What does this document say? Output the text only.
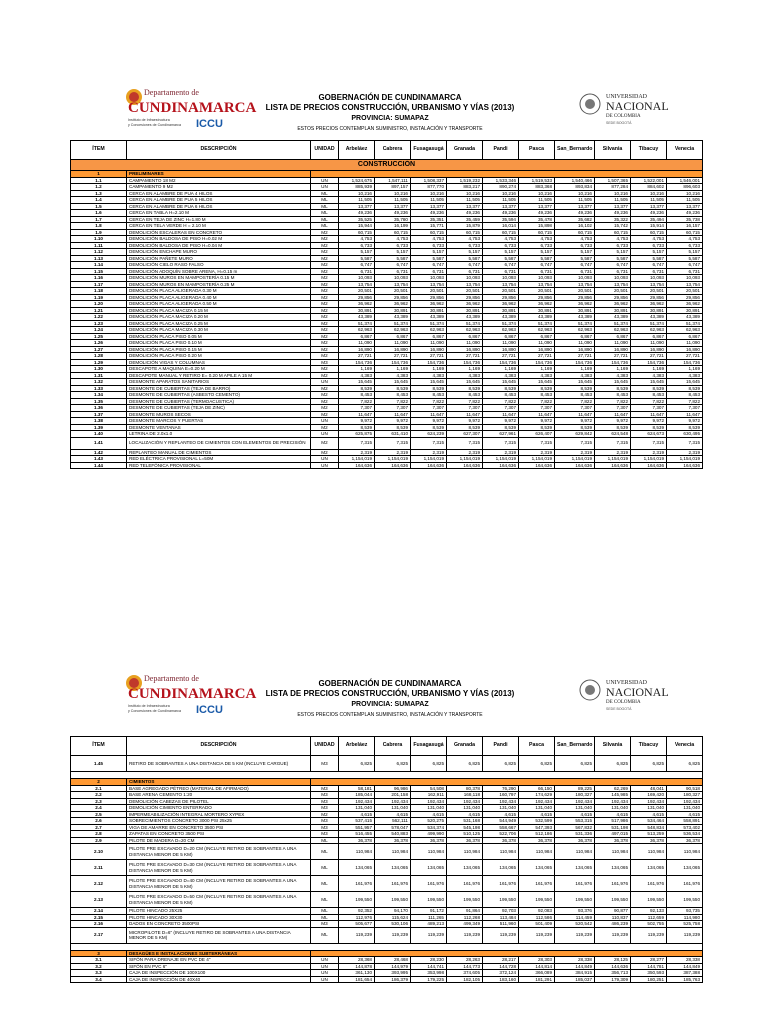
Departamento de
CUNDINAMARCA
Instituto de Infraestructura
y Concesiones de Cundinamarca ICCU
GOBERNACIÓN DE CUNDINAMARCA
LISTA DE PRECIOS CONSTRUCCIÓN, URBANISMO Y VÍAS (2013)
PROVINCIA: SUMAPAZ
ESTOS PRECIOS CONTEMPLAN SUMINISTRO, INSTALACIÓN Y TRANSPORTE
UNIVERSIDAD
NACIONAL
DE COLOMBIA
SEDE BOGOTÁ
ÍTEM	DESCRIPCIÓN	UNIDAD	Arbeláez	Cabrera	Fusagasugá	Granada	Pandi	Pasca	San_Bernardo	Silvania	Tibacuy	Venecia
CONSTRUCCIÓN												
1	PRELIMINARES											
1.1	CAMPAMENTO 18 M2	UN	1,524,675	1,547,111	1,508,337	1,519,232	1,533,346	1,519,533	1,540,466	1,507,365	1,522,001	1,546,001
1.2	CAMPAMENTO 9 M2	UN	885,939	897,157	877,770	883,217	890,274	883,368	893,834	877,284	884,602	896,603
1.3	CERCA EN ALAMBRE DE PUA 4 HILOS	ML	10,216	10,216	10,216	10,216	10,216	10,216	10,216	10,216	10,216	10,216
1.4	CERCA EN ALAMBRE DE PUA 5 HILOS	ML	11,505	11,505	11,505	11,505	11,505	11,505	11,505	11,505	11,505	11,505
1.5	CERCA EN ALAMBRE DE PUA 6 HILOS	ML	13,377	13,377	13,377	13,377	13,377	13,377	13,377	13,377	13,377	13,377
1.6	CERCA EN TABLA H=2.10 M	ML	49,236	49,236	49,236	49,236	49,236	49,236	49,236	49,236	49,236	49,236
1.7	CERCA EN TEJA DE ZINC H=1.80 M	ML	35,525	35,780	35,351	35,459	35,594	35,478	35,682	35,322	35,494	35,738
1.8	CERCA EN TELA VERDE H = 2.10 M	ML	15,944	16,199	15,771	15,879	16,014	15,898	16,102	15,742	15,914	16,157
1.9	DEMOLICIÓN ESCALERAS EN CONCRETO	M2	60,715	60,715	60,715	60,715	60,715	60,715	60,715	60,715	60,715	60,715
1.10	DEMOLICIÓN BALDOSA DE PISO H=0.02 M	M2	4,753	4,753	4,753	4,753	4,753	4,753	4,753	4,753	4,753	4,753
1.11	DEMOLICIÓN BALDOSA DE PISO H=0.04 M	M2	6,733	6,733	6,733	6,733	6,733	6,733	6,733	6,733	6,733	6,733
1.12	DEMOLICIÓN ENCHAPE MURO	M2	5,157	5,157	5,157	5,157	5,157	5,157	5,157	5,157	5,157	5,157
1.13	DEMOLICIÓN PAÑETE MURO	M2	5,587	5,587	5,587	5,587	5,587	5,587	5,587	5,587	5,587	5,587
1.14	DEMOLICIÓN CIELO RASO FALSO	M2	6,747	6,747	6,747	6,747	6,747	6,747	6,747	6,747	6,747	6,747
1.15	DEMOLICIÓN ADOQUÍN SOBRE ARENA, H=0.15 m	M2	6,731	6,731	6,731	6,731	6,731	6,731	6,731	6,731	6,731	6,731
1.16	DEMOLICIÓN MUROS EN MAMPOSTERÍA 0.15 M	M2	10,093	10,093	10,093	10,093	10,093	10,093	10,093	10,093	10,093	10,093
1.17	DEMOLICIÓN MUROS EN MAMPOSTERÍA 0.25 M	M2	13,754	13,754	13,754	13,754	13,754	13,754	13,754	13,754	13,754	13,754
1.18	DEMOLICIÓN PLACA ALIGERADA 0.30 M	M2	20,501	20,501	20,501	20,501	20,501	20,501	20,501	20,501	20,501	20,501
1.19	DEMOLICIÓN PLACA ALIGERADA 0.40 M	M2	29,856	29,856	29,856	29,856	29,856	29,856	29,856	29,856	29,856	29,856
1.20	DEMOLICIÓN PLACA ALIGERADA 0.50 M	M2	36,962	36,962	36,962	36,962	36,962	36,962	36,962	36,962	36,962	36,962
1.21	DEMOLICIÓN PLACA MACIZA 0.15 M	M2	30,891	30,891	30,891	30,891	30,891	30,891	30,891	30,891	30,891	30,891
1.22	DEMOLICIÓN PLACA MACIZA 0.20 M	M2	43,389	43,389	43,389	43,389	43,389	43,389	43,389	43,389	43,389	43,389
1.23	DEMOLICIÓN PLACA MACIZA 0.25 M	M2	51,374	51,374	51,374	51,374	51,374	51,374	51,374	51,374	51,374	51,374
1.24	DEMOLICIÓN PLACA MACIZA 0.30 M	M2	62,963	62,963	62,963	62,963	62,963	62,963	62,963	62,963	62,963	62,963
1.25	DEMOLICIÓN PLACA PISO 0.05 M	M2	6,867	6,867	6,867	6,867	6,867	6,867	6,867	6,867	6,867	6,867
1.26	DEMOLICIÓN PLACA PISO 0.10 M	M2	11,090	11,090	11,090	11,090	11,090	11,090	11,090	11,090	11,090	11,090
1.27	DEMOLICIÓN PLACA PISO 0.15 M	M2	16,890	16,890	16,890	16,890	16,890	16,890	16,890	16,890	16,890	16,890
1.28	DEMOLICIÓN PLACA PISO 0.20 M	M2	27,721	27,721	27,721	27,721	27,721	27,721	27,721	27,721	27,721	27,721
1.29	DEMOLICIÓN VIGAS Y COLUMNAS	M3	154,736	154,736	154,736	154,736	154,736	154,736	154,736	154,736	154,736	154,736
1.30	DESCAPOTE A MAQUINA E=0.20 M	M2	1,169	1,169	1,169	1,169	1,169	1,169	1,169	1,169	1,169	1,169
1.31	DESCAPOTE MANUAL Y RETIRO E= 0.20 M APILE A 15 M	M2	4,383	4,383	4,383	4,383	4,383	4,383	4,383	4,383	4,383	4,383
1.32	DESMONTE APARATOS SANITARIOS	UN	15,645	15,645	15,645	15,645	15,645	15,645	15,645	15,645	15,645	15,645
1.33	DESMONTE DE CUBIERTAS (TEJA DE BARRO)	M2	8,539	8,539	8,539	8,539	8,539	8,539	8,539	8,539	8,539	8,539
1.34	DESMONTE DE CUBIERTAS (ASBESTO CEMENTO)	M2	8,453	8,453	8,453	8,453	8,453	8,453	8,453	8,453	8,453	8,453
1.35	DESMONTE DE CUBIERTAS (TERMOACUSTICA)	M2	7,822	7,822	7,822	7,822	7,822	7,822	7,822	7,822	7,822	7,822
1.36	DESMONTE DE CUBIERTAS (TEJA DE ZINC)	M2	7,307	7,307	7,307	7,307	7,307	7,307	7,307	7,307	7,307	7,307
1.37	DESMONTE MUROS SECOS	M2	11,647	11,647	11,647	11,647	11,647	11,647	11,647	11,647	11,647	11,647
1.38	DESMONTE MARCOS Y PUERTAS	UN	9,972	9,972	9,972	9,972	9,972	9,972	9,972	9,972	9,972	9,972
1.39	DESMONTE VENTANAS	M2	8,539	8,539	8,539	8,539	8,539	8,539	8,539	8,539	8,539	8,539
1.40	LETRINA DE 2.0x1.0	UN	625,875	631,410	624,239	627,307	627,961	626,407	629,842	624,548	624,673	630,495
1.41	LOCALIZACIÓN Y REPLANTEO DE CIMIENTOS CON ELEMENTOS DE PRECISIÓN	M2	7,315	7,315	7,315	7,315	7,315	7,315	7,315	7,315	7,315	7,315
1.42	REPLANTEO MANUAL DE CIMIENTOS	M2	2,319	2,319	2,319	2,319	2,319	2,319	2,319	2,319	2,319	2,319
1.43	RED ELÉCTRICA PROVISIONAL L=50M	UN	1,154,019	1,154,019	1,154,019	1,154,019	1,154,019	1,154,019	1,154,019	1,154,019	1,154,019	1,154,019
1.44	RED TELEFÓNICA PROVISIONAL	UN	164,636	164,636	164,636	164,636	164,636	164,636	164,636	164,636	164,636	164,636
Departamento de
CUNDINAMARCA
Instituto de Infraestructura
y Concesiones de Cundinamarca ICCU
GOBERNACIÓN DE CUNDINAMARCA
LISTA DE PRECIOS CONSTRUCCIÓN, URBANISMO Y VÍAS (2013)
PROVINCIA: SUMAPAZ
ESTOS PRECIOS CONTEMPLAN SUMINISTRO, INSTALACIÓN Y TRANSPORTE
UNIVERSIDAD
NACIONAL
DE COLOMBIA
SEDE BOGOTÁ
ÍTEM	DESCRIPCIÓN	UNIDAD	Arbeláez	Cabrera	Fusagasugá	Granada	Pandi	Pasca	San_Bernardo	Silvania	Tibacuy	Venecia
1.45	RETIRO DE SOBRANTES A UNA DISTANCIA DE 5 KM (INCLUYE CARGUE)	M3	6,825	6,825	6,825	6,825	6,825	6,825	6,825	6,825	6,825	6,825

2	CIMIENTOS											
2.1	BASE AGREGADO PÉTREO (MATERIAL DE AFIRMADO)	M3	58,181	96,986	54,508	80,378	76,290	66,150	89,225	62,269	48,041	90,518
2.2	BASE ARENA CEMENTO 1:20	M3	185,044	201,158	162,911	168,118	160,797	174,629	180,327	145,985	169,420	180,327
2.3	DEMOLICIÓN CABEZAS DE PILOTEL	M3	192,434	192,434	192,434	192,434	192,434	192,434	192,434	192,434	192,434	192,434
2.4	DEMOLICIÓN CIMIENTO ENTERRADO	M3	131,040	131,040	131,040	131,040	131,040	131,040	131,040	131,040	131,040	131,040
2.5	IMPERMEABILIZACIÓN INTEGRAL MORTERO XYPEX	M2	4,615	4,615	4,615	4,615	4,615	4,615	4,615	4,615	4,615	4,615
2.6	SOBRECIMIENTOS CONCRETO 3000 PSI 25x25	M3	537,415	562,111	520,275	531,168	544,949	532,599	553,315	517,986	534,464	558,891
2.7	VIGA DE AMARRE EN CONCRETO 3500 PSI	M3	551,957	578,047	534,374	545,198	558,667	547,393	567,832	531,198	548,834	573,402
2.8	ZAPATAS EN CONCRETO 3500 PSI	M3	516,455	540,883	499,990	510,125	522,706	512,186	531,336	497,015	513,259	536,534
2.9	PILOTE DE MADERA D=20 CM	ML	36,378	36,378	36,378	36,378	36,378	36,378	36,378	36,378	36,378	36,378
2.10	PILOTE PRE EXCAVADO D=20 CM (INCLUYE RETIRO DE SOBRANTES A UNA DISTANCIA MENOR DE 5 KM)	ML	110,984	110,984	110,984	110,984	110,984	110,984	110,984	110,984	110,984	110,984
2.11	PILOTE PRE EXCAVADO D=30 CM (INCLUYE RETIRO DE SOBRANTES A UNA DISTANCIA MENOR DE 5 KM)	ML	134,065	134,065	134,065	134,065	134,065	134,065	134,065	134,065	134,065	134,065
2.12	PILOTE PRE EXCAVADO D=40 CM (INCLUYE RETIRO DE SOBRANTES A UNA DISTANCIA MENOR DE 5 KM)	ML	161,976	161,976	161,976	161,976	161,976	161,976	161,976	161,976	161,976	161,976
2.13	PILOTE PRE EXCAVADO D=50 CM (INCLUYE RETIRO DE SOBRANTES A UNA DISTANCIA MENOR DE 5 KM)	ML	199,550	199,550	199,550	199,550	199,550	199,550	199,550	199,550	199,550	199,550
2.14	PILOTE HINCADO 25X25	ML	92,352	94,170	91,172	91,864	92,703	92,083	93,376	90,877	92,133	93,735
2.15	PILOTE HINCADO 30X30	ML	112,976	115,624	111,265	112,268	113,484	112,586	114,459	110,837	112,659	114,980
2.16	DADOS EN CONCRETO 3500PSI	M3	505,677	530,106	489,213	499,349	511,960	501,409	520,542	486,239	502,755	525,758
2.17	MICROPILOTE D=6" (INCLUYE RETIRO DE SOBRANTES A UNA DISTANCIA MENOR DE 5 KM)	ML	119,239	119,239	119,239	119,239	119,239	119,239	119,239	119,239	119,239	119,239

3	DESAGÜES E INSTALACIONES SUBTERRÁNEAS											
3.1	SIFÓN PARA DRENAJE EN PVC DE 4"	UN	28,368	28,468	28,230	28,263	28,217	28,303	28,338	28,125	28,277	28,338
3.2	SIFÓN EN PVC 6"	UN	144,878	144,979	144,741	144,773	144,728	144,814	144,849	144,636	144,781	144,849
3.3	CAJA DE INSPECCIÓN DE 100X100	UN	361,130	393,995	353,998	374,605	372,124	366,089	384,915	356,713	350,593	387,388
3.4	CAJA DE INSPECCIÓN DE 40X40	UN	181,654	186,379	179,225	182,105	183,160	181,291	185,037	179,309	180,251	185,763
